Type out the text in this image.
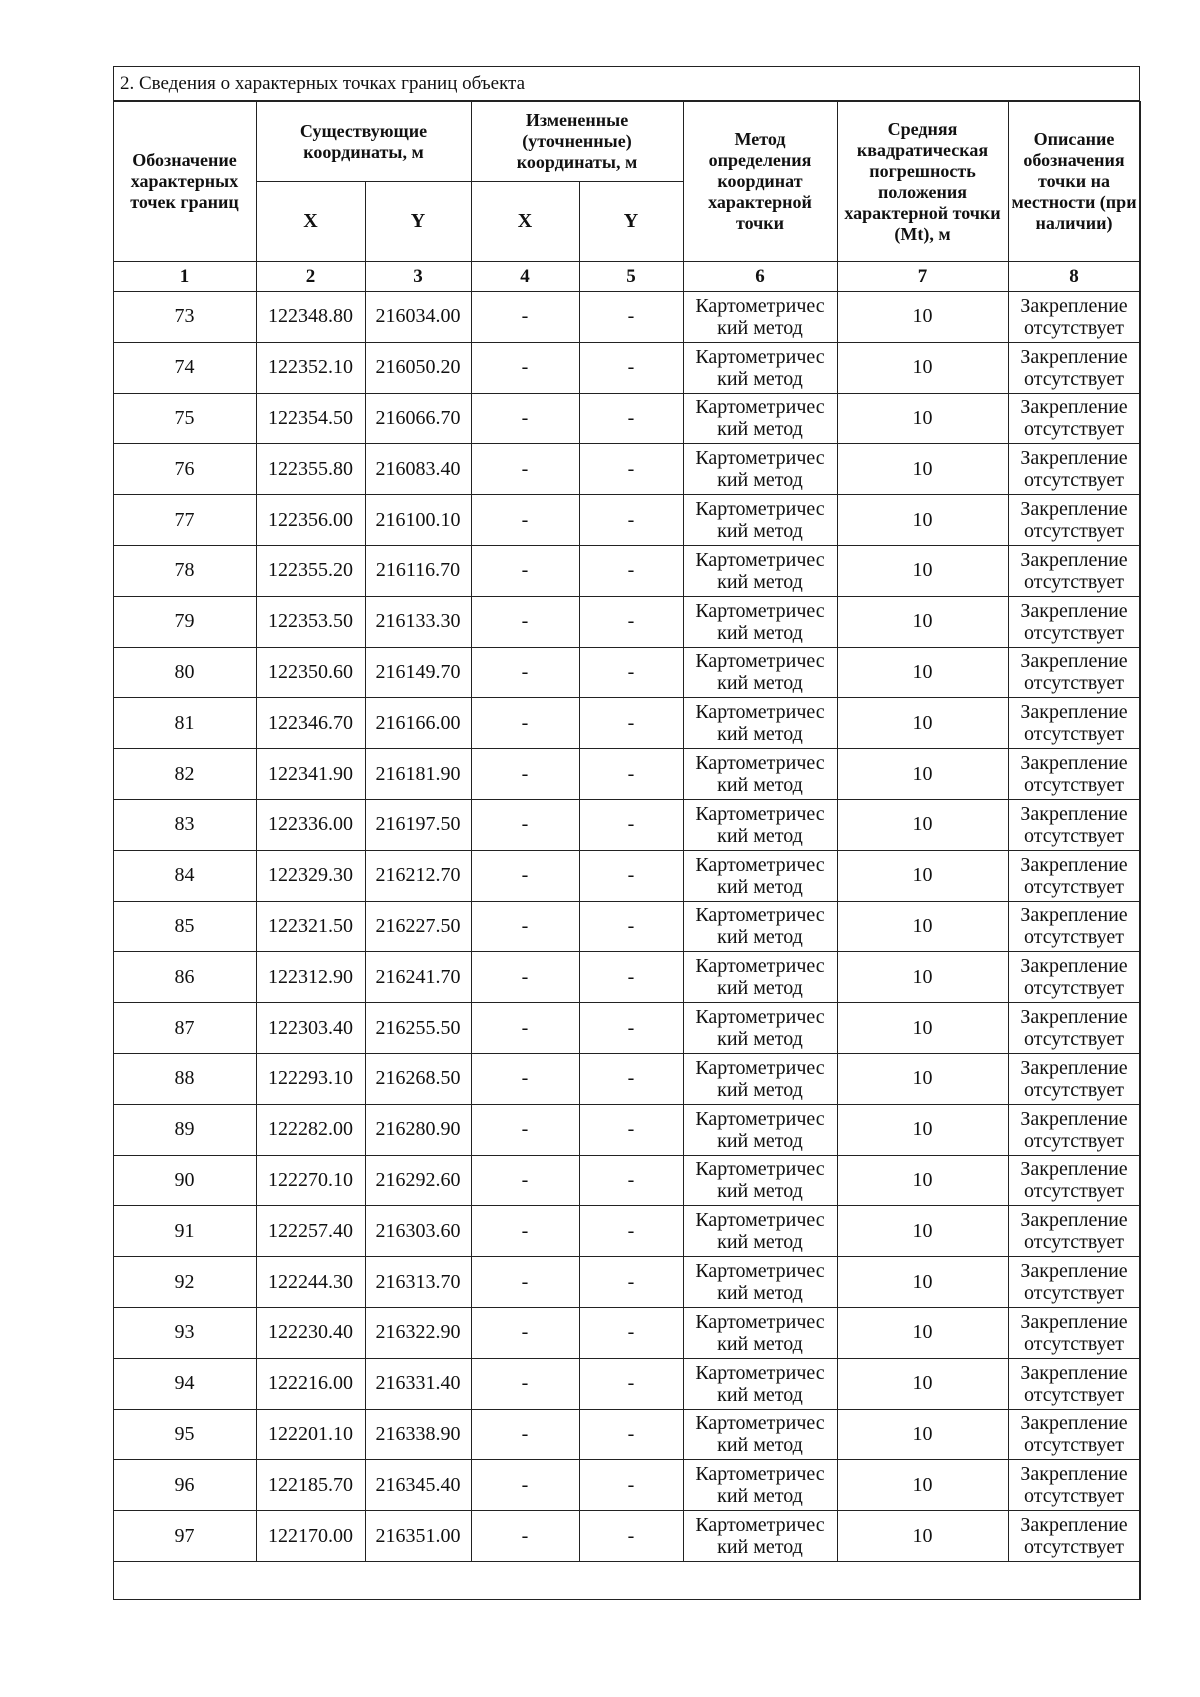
2. Сведения о характерных точках границ объекта
Обозначение характерных точек границ	Существующие координаты, м		Измененные (уточненные) координаты, м		Метод определения координат характерной точки	Средняя квадратическая погрешность положения характерной точки (Mt), м	Описание обозначения точки на местности (при наличии)
	X	Y	X	Y			
1	2	3	4	5	6	7	8
73	122348.80	216034.00	-	-	Картометричес кий метод	10	Закрепление отсутствует
74	122352.10	216050.20	-	-	Картометричес кий метод	10	Закрепление отсутствует
75	122354.50	216066.70	-	-	Картометричес кий метод	10	Закрепление отсутствует
76	122355.80	216083.40	-	-	Картометричес кий метод	10	Закрепление отсутствует
77	122356.00	216100.10	-	-	Картометричес кий метод	10	Закрепление отсутствует
78	122355.20	216116.70	-	-	Картометричес кий метод	10	Закрепление отсутствует
79	122353.50	216133.30	-	-	Картометричес кий метод	10	Закрепление отсутствует
80	122350.60	216149.70	-	-	Картометричес кий метод	10	Закрепление отсутствует
81	122346.70	216166.00	-	-	Картометричес кий метод	10	Закрепление отсутствует
82	122341.90	216181.90	-	-	Картометричес кий метод	10	Закрепление отсутствует
83	122336.00	216197.50	-	-	Картометричес кий метод	10	Закрепление отсутствует
84	122329.30	216212.70	-	-	Картометричес кий метод	10	Закрепление отсутствует
85	122321.50	216227.50	-	-	Картометричес кий метод	10	Закрепление отсутствует
86	122312.90	216241.70	-	-	Картометричес кий метод	10	Закрепление отсутствует
87	122303.40	216255.50	-	-	Картометричес кий метод	10	Закрепление отсутствует
88	122293.10	216268.50	-	-	Картометричес кий метод	10	Закрепление отсутствует
89	122282.00	216280.90	-	-	Картометричес кий метод	10	Закрепление отсутствует
90	122270.10	216292.60	-	-	Картометричес кий метод	10	Закрепление отсутствует
91	122257.40	216303.60	-	-	Картометричес кий метод	10	Закрепление отсутствует
92	122244.30	216313.70	-	-	Картометричес кий метод	10	Закрепление отсутствует
93	122230.40	216322.90	-	-	Картометричес кий метод	10	Закрепление отсутствует
94	122216.00	216331.40	-	-	Картометричес кий метод	10	Закрепление отсутствует
95	122201.10	216338.90	-	-	Картометричес кий метод	10	Закрепление отсутствует
96	122185.70	216345.40	-	-	Картометричес кий метод	10	Закрепление отсутствует
97	122170.00	216351.00	-	-	Картометричес кий метод	10	Закрепление отсутствует
